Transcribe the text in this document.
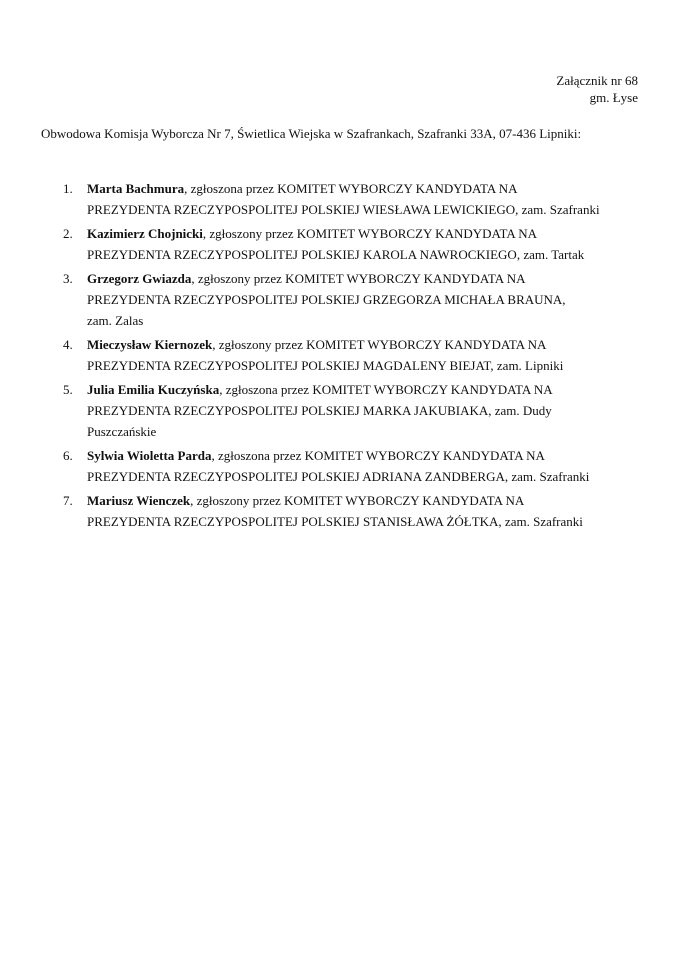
Załącznik nr 68
gm. Łyse
Obwodowa Komisja Wyborcza Nr 7, Świetlica Wiejska w Szafrankach, Szafranki 33A, 07-436 Lipniki:
1. Marta Bachmura, zgłoszona przez KOMITET WYBORCZY KANDYDATA NA
PREZYDENTA RZECZYPOSPOLITEJ POLSKIEJ WIESŁAWA LEWICKIEGO, zam. Szafranki
2. Kazimierz Chojnicki, zgłoszony przez KOMITET WYBORCZY KANDYDATA NA
PREZYDENTA RZECZYPOSPOLITEJ POLSKIEJ KAROLA NAWROCKIEGO, zam. Tartak
3. Grzegorz Gwiazda, zgłoszony przez KOMITET WYBORCZY KANDYDATA NA
PREZYDENTA RZECZYPOSPOLITEJ POLSKIEJ GRZEGORZA MICHAŁA BRAUNA,
zam. Zalas
4. Mieczysław Kiernozek, zgłoszony przez KOMITET WYBORCZY KANDYDATA NA
PREZYDENTA RZECZYPOSPOLITEJ POLSKIEJ MAGDALENY BIEJAT, zam. Lipniki
5. Julia Emilia Kuczyńska, zgłoszona przez KOMITET WYBORCZY KANDYDATA NA
PREZYDENTA RZECZYPOSPOLITEJ POLSKIEJ MARKA JAKUBIAKA, zam. Dudy
Puszczańskie
6. Sylwia Wioletta Parda, zgłoszona przez KOMITET WYBORCZY KANDYDATA NA
PREZYDENTA RZECZYPOSPOLITEJ POLSKIEJ ADRIANA ZANDBERGA, zam. Szafranki
7. Mariusz Wienczek, zgłoszony przez KOMITET WYBORCZY KANDYDATA NA
PREZYDENTA RZECZYPOSPOLITEJ POLSKIEJ STANISŁAWA ŻÓŁTKA, zam. Szafranki
